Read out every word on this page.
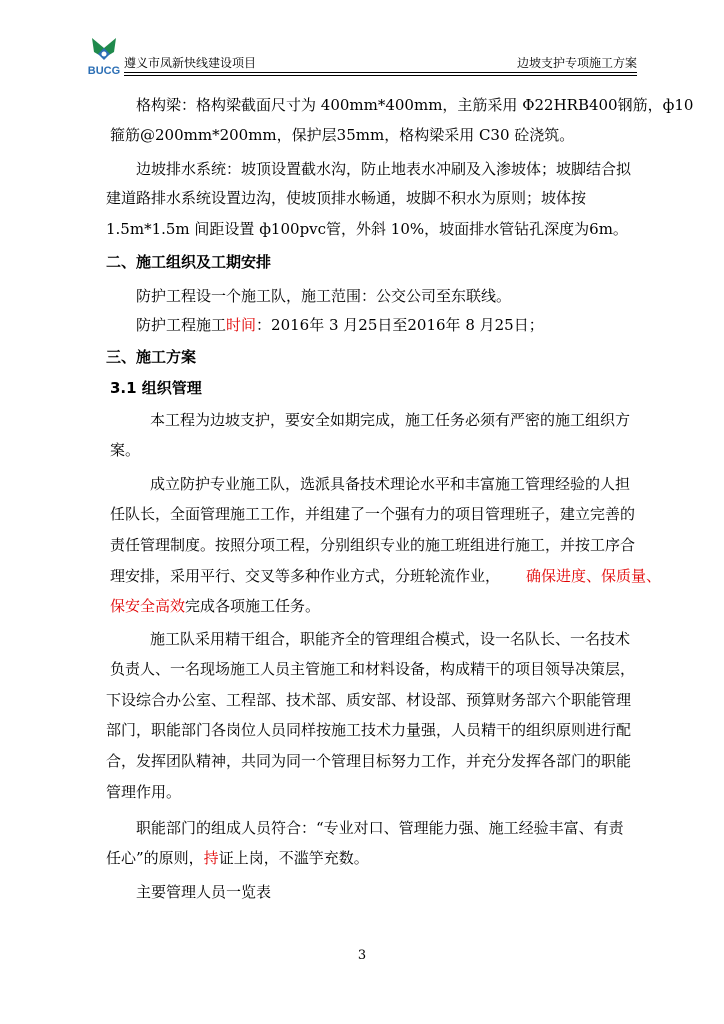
BUCG
遵义市凤新快线建设项目	边坡支护专项施工方案
格构梁：格构梁截面尺寸为 400mm*400mm，主筋采用 Φ22HRB400钢筋，ф10
箍筋@200mm*200mm，保护层35mm，格构梁采用 C30 砼浇筑。
边坡排水系统：坡顶设置截水沟，防止地表水冲刷及入渗坡体；坡脚结合拟
建道路排水系统设置边沟，使坡顶排水畅通，坡脚不积水为原则；坡体按
1.5m*1.5m 间距设置 ф100pvc管，外斜 10%，坡面排水管钻孔深度为6m。
二、施工组织及工期安排
防护工程设一个施工队，施工范围：公交公司至东联线。
防护工程施工时间：2016年 3 月25日至2016年 8 月25日；
三、施工方案
3.1 组织管理
本工程为边坡支护，要安全如期完成，施工任务必须有严密的施工组织方
案。
成立防护专业施工队，选派具备技术理论水平和丰富施工管理经验的人担
任队长，全面管理施工工作，并组建了一个强有力的项目管理班子，建立完善的
责任管理制度。按照分项工程，分别组织专业的施工班组进行施工，并按工序合
理安排，采用平行、交叉等多种作业方式，分班轮流作业， 确保进度、保质量、
保安全高效完成各项施工任务。
施工队采用精干组合，职能齐全的管理组合模式，设一名队长、一名技术
负责人、一名现场施工人员主管施工和材料设备，构成精干的项目领导决策层，
下设综合办公室、工程部、技术部、质安部、材设部、预算财务部六个职能管理
部门，职能部门各岗位人员同样按施工技术力量强，人员精干的组织原则进行配
合，发挥团队精神，共同为同一个管理目标努力工作，并充分发挥各部门的职能
管理作用。
职能部门的组成人员符合：“专业对口、管理能力强、施工经验丰富、有责
任心”的原则，持证上岗，不滥竽充数。
主要管理人员一览表
3
